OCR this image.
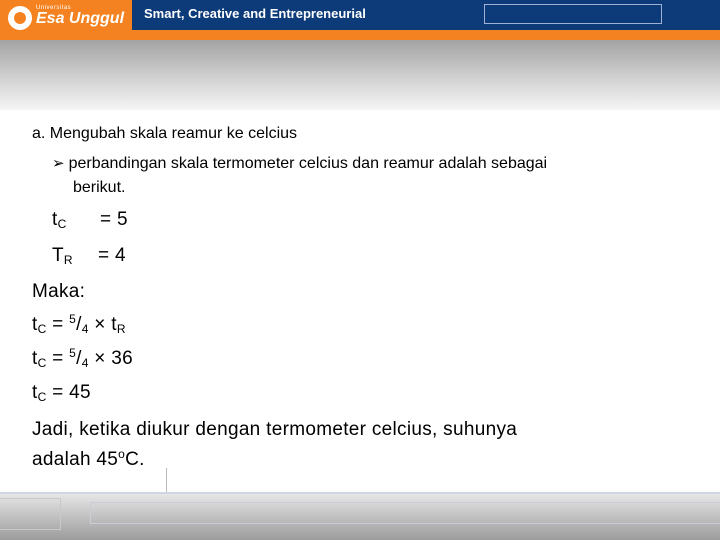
Universitas
Esa Unggul Smart, Creative and Entrepreneurial
a. Mengubah skala reamur ke celcius
➢ perbandingan skala termometer celcius dan reamur adalah sebagai
berikut.
$t_C = 5$
$T_R = 4$
Maka:
$t_C = ^5/_4 \times t_R$
$t_C = ^5/_4 \times 36$
$t_C = 45$
Jadi, ketika diukur dengan termometer celcius, suhunya
adalah 45$^o$C.
